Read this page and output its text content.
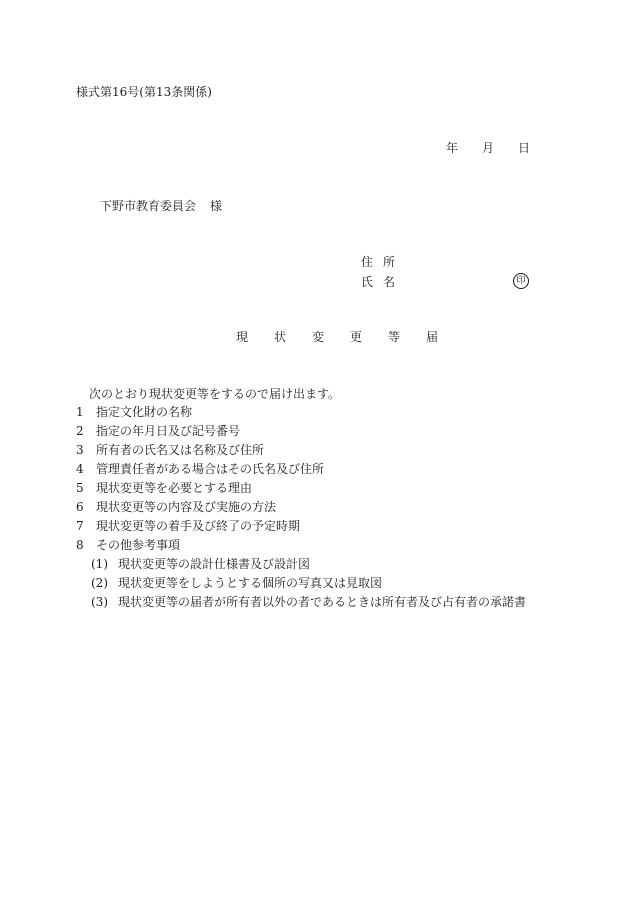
様式第16号(第13条関係)
年	月	日
下野市教育委員会 様
住所
氏名	印
現状変更等届
次のとおり現状変更等をするので届け出ます。
1	指定文化財の名称
2	指定の年月日及び記号番号
3	所有者の氏名又は名称及び住所
4	管理責任者がある場合はその氏名及び住所
5	現状変更等を必要とする理由
6	現状変更等の内容及び実施の方法
7	現状変更等の着手及び終了の予定時期
8	その他参考事項
(1) 現状変更等の設計仕様書及び設計図
(2) 現状変更等をしようとする個所の写真又は見取図
(3) 現状変更等の届者が所有者以外の者であるときは所有者及び占有者の承諾書
